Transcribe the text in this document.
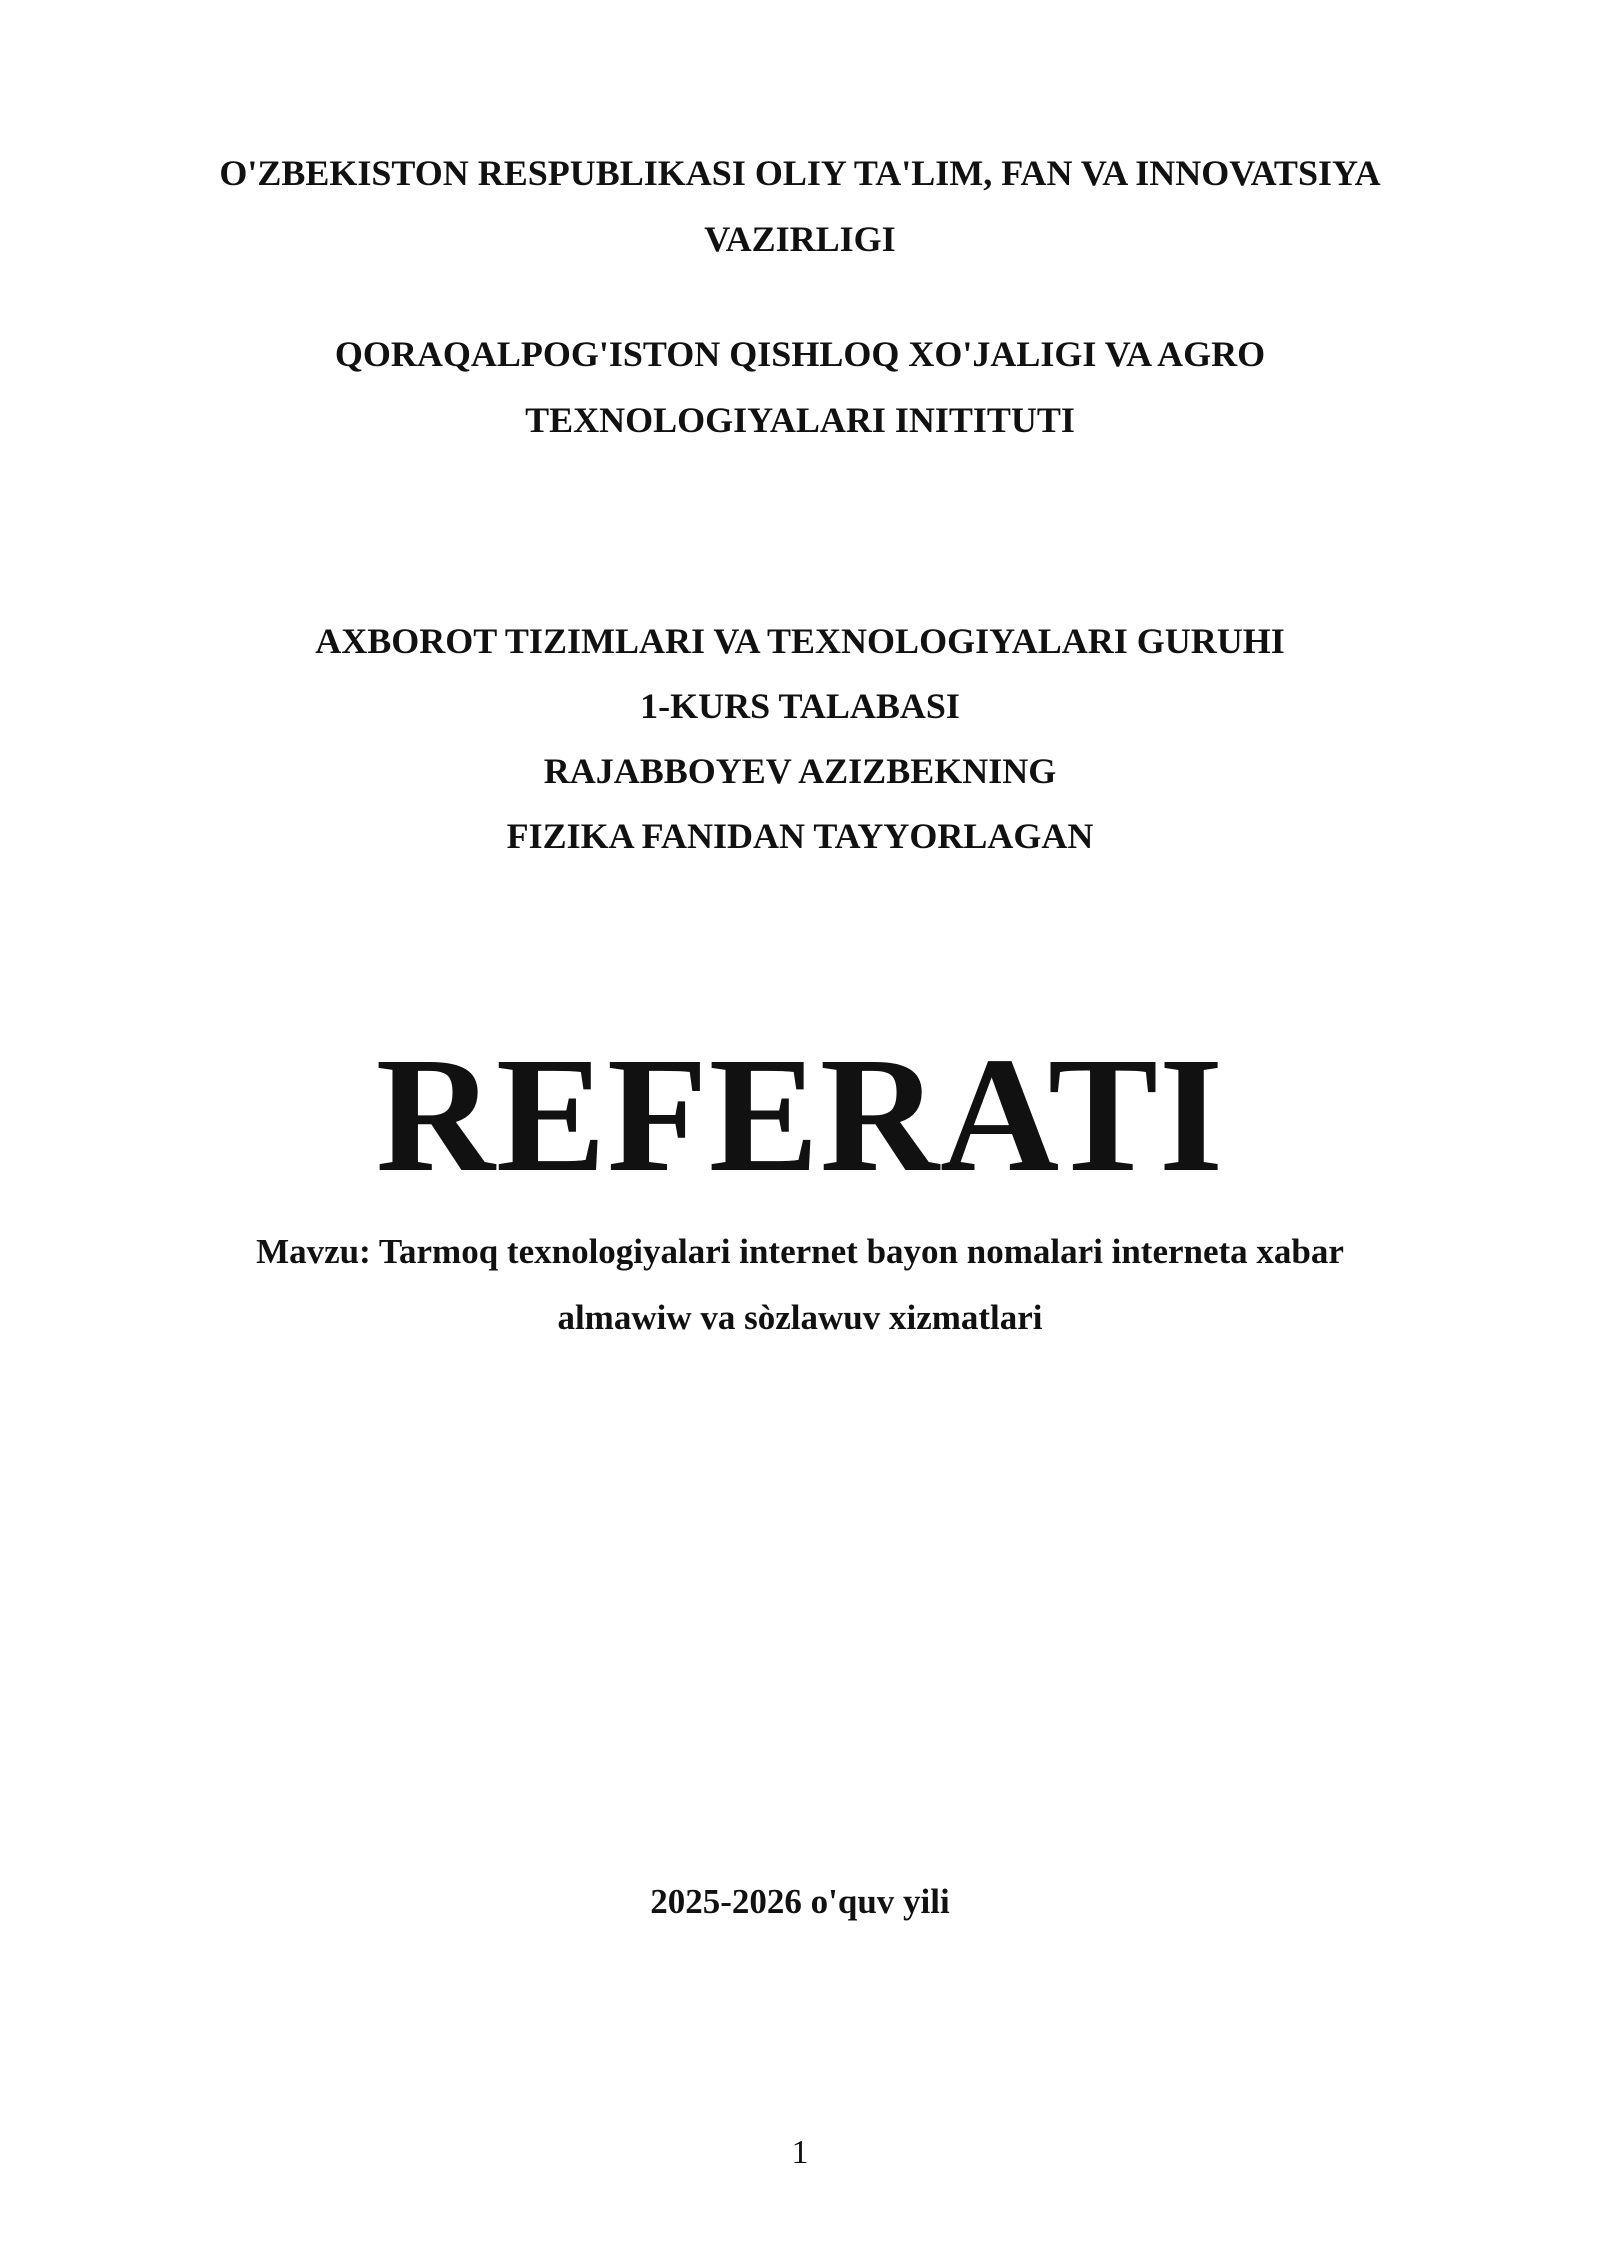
O'ZBEKISTON RESPUBLIKASI OLIY TA'LIM, FAN VA INNOVATSIYA
VAZIRLIGI
QORAQALPOG'ISTON QISHLOQ XO'JALIGI VA AGRO
TEXNOLOGIYALARI INITITUTI
AXBOROT TIZIMLARI VA TEXNOLOGIYALARI GURUHI
1-KURS TALABASI
RAJABBOYEV AZIZBEKNING
FIZIKA FANIDAN TAYYORLAGAN
REFERATI
Mavzu: Tarmoq texnologiyalari internet bayon nomalari interneta xabar
almawiw va sòzlawuv xizmatlari
2025-2026 o'quv yili
1
